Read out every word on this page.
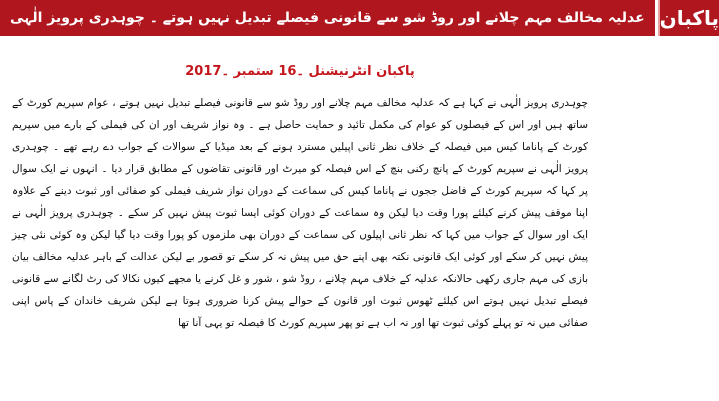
عدلیہ مخالف مہم چلانے اور روڈ شو سے قانونی فیصلے تبدیل نہیں ہوتے ۔ چوہدری پرویز الٰہی پاکبان
پاکبان انٹرنیشنل ۔16 ستمبر ۔2017

چوہدری پرویز الٰہی نے کہا ہے کہ عدلیہ مخالف مہم چلانے اور روڈ شو سے قانونی فیصلے تبدیل نہیں ہوتے ، عوام سپریم کورٹ کے ساتھ ہیں اور اس کے فیصلوں کو عوام کی مکمل تائید و حمایت حاصل ہے ۔ وہ نواز شریف اور ان کی فیملی کے بارے میں سپریم کورٹ کے پاناما کیس میں فیصلہ کے خلاف نظر ثانی اپیلیں مسترد ہونے کے بعد میڈیا کے سوالات کے جواب دے رہے تھے ۔ چوہدری پرویز الٰہی نے سپریم کورٹ کے پانچ رکنی بنچ کے اس فیصلہ کو میرٹ اور قانونی تقاضوں کے مطابق قرار دیا ۔ انہوں نے ایک سوال پر کہا کہ سپریم کورٹ کے فاضل ججوں نے پاناما کیس کی سماعت کے دوران نواز شریف فیملی کو صفائی اور ثبوت دینے کے علاوہ اپنا موقف پیش کرنے کیلئے پورا وقت دیا لیکن وہ سماعت کے دوران کوئی ایسا ثبوت پیش نہیں کر سکے ۔ چوہدری پرویز الٰہی نے ایک اور سوال کے جواب میں کہا کہ نظر ثانی اپیلوں کی سماعت کے دوران بھی ملزموں کو پورا وقت دیا گیا لیکن وہ کوئی نئی چیز پیش نہیں کر سکے اور کوئی ایک قانونی نکتہ بھی اپنے حق میں پیش نہ کر سکے تو قصور بے لیکن عدالت کے باہر عدلیہ مخالف بیان بازی کی مہم جاری رکھی حالانکہ عدلیہ کے خلاف مہم چلانے ، روڈ شو ، شور و غل کرنے یا مجھے کیوں نکالا کی رٹ لگانے سے قانونی فیصلے تبدیل نہیں ہوتے اس کیلئے ٹھوس ثبوت اور قانون کے حوالے پیش کرنا ضروری ہوتا ہے لیکن شریف خاندان کے پاس اپنی صفائی میں نہ تو پہلے کوئی ثبوت تھا اور نہ اب ہے تو پھر سپریم کورٹ کا فیصلہ تو یہی آنا تھا
